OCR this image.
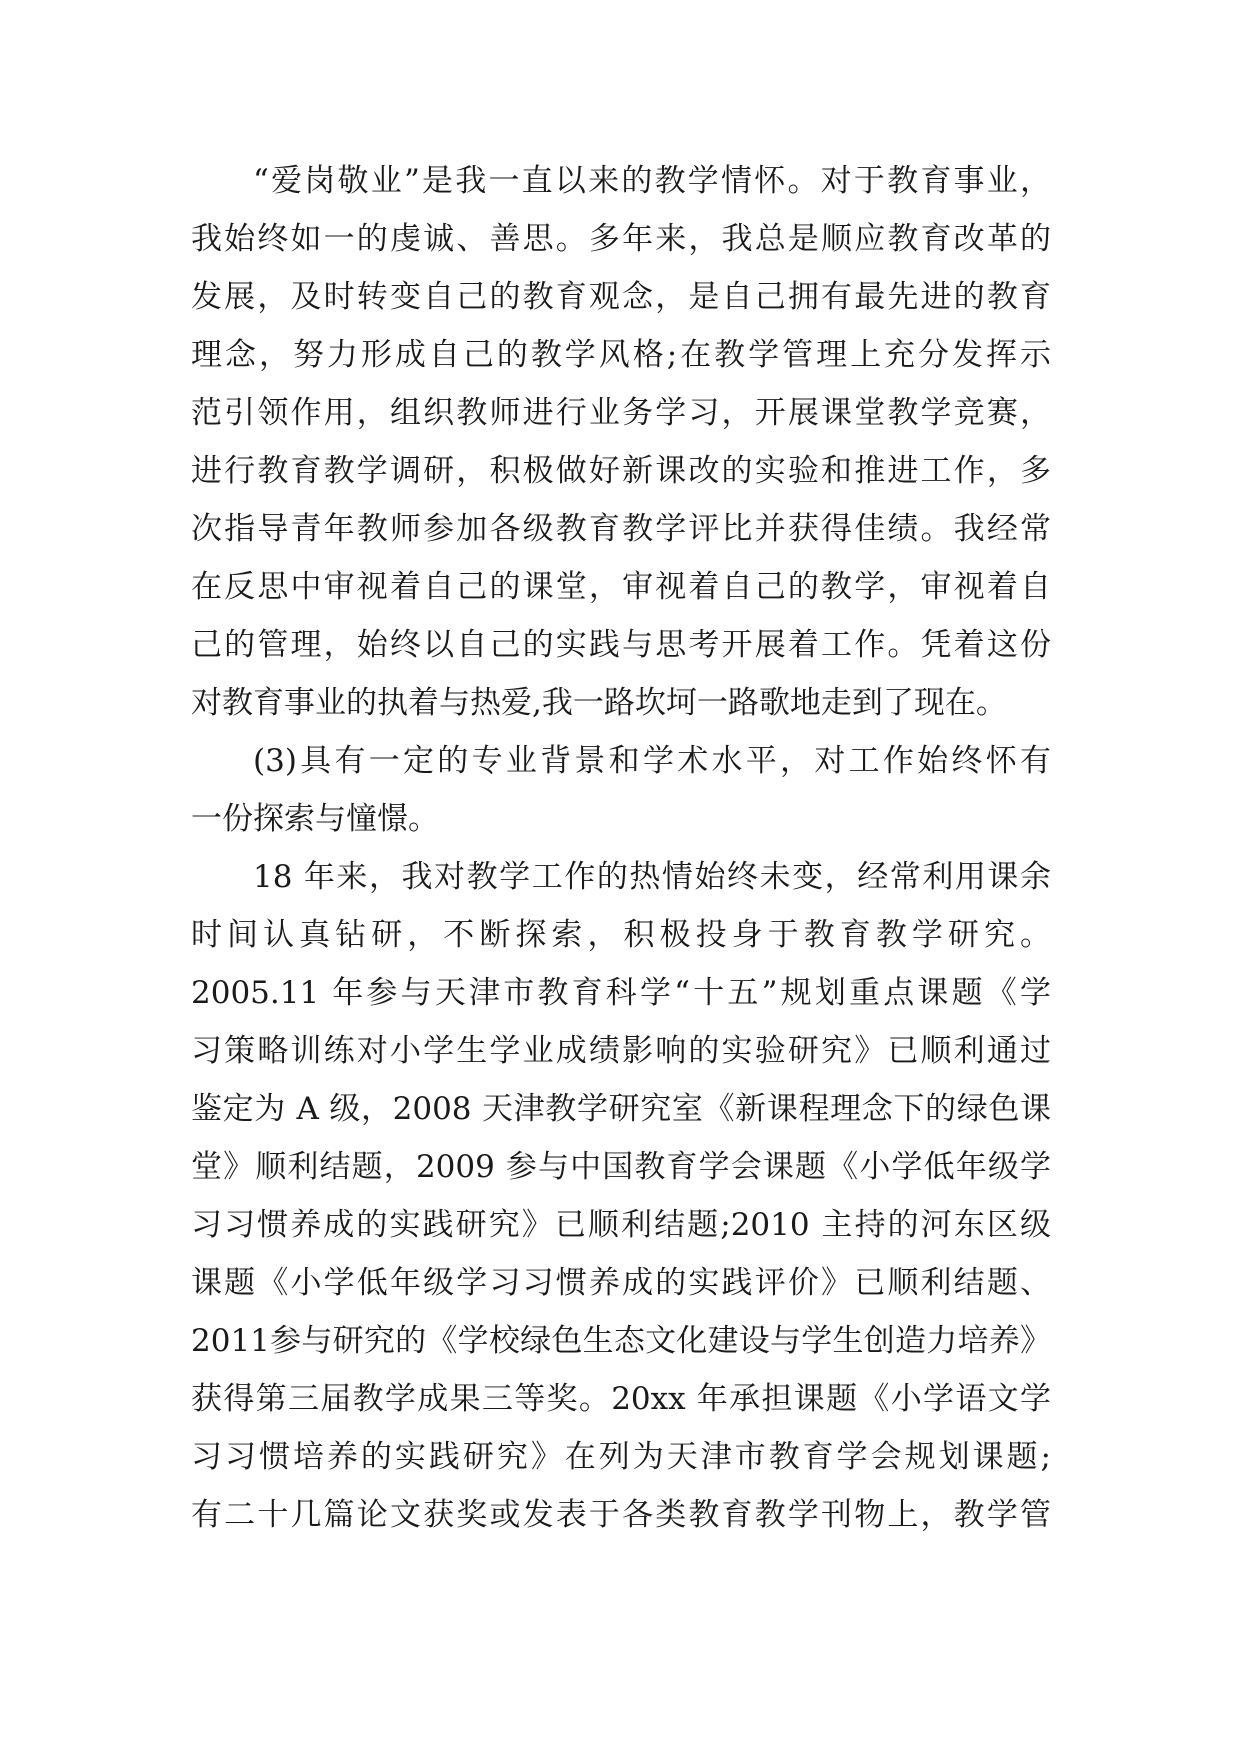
“爱岗敬业”是我一直以来的教学情怀。对于教育事业，
我始终如一的虔诚、善思。多年来，我总是顺应教育改革的
发展，及时转变自己的教育观念，是自己拥有最先进的教育
理念，努力形成自己的教学风格;在教学管理上充分发挥示
范引领作用，组织教师进行业务学习，开展课堂教学竞赛，
进行教育教学调研，积极做好新课改的实验和推进工作，多
次指导青年教师参加各级教育教学评比并获得佳绩。我经常
在反思中审视着自己的课堂，审视着自己的教学，审视着自
己的管理，始终以自己的实践与思考开展着工作。凭着这份
对教育事业的执着与热爱,我一路坎坷一路歌地走到了现在。
(3)具有一定的专业背景和学术水平，对工作始终怀有
一份探索与憧憬。
18 年来，我对教学工作的热情始终未变，经常利用课余
时间认真钻研，不断探索，积极投身于教育教学研究。
2005.11 年参与天津市教育科学“十五”规划重点课题《学
习策略训练对小学生学业成绩影响的实验研究》已顺利通过
鉴定为 A 级，2008 天津教学研究室《新课程理念下的绿色课
堂》顺利结题，2009 参与中国教育学会课题《小学低年级学
习习惯养成的实践研究》已顺利结题;2010 主持的河东区级
课题《小学低年级学习习惯养成的实践评价》已顺利结题、
2011参与研究的《学校绿色生态文化建设与学生创造力培养》
获得第三届教学成果三等奖。20xx 年承担课题《小学语文学
习习惯培养的实践研究》在列为天津市教育学会规划课题;
有二十几篇论文获奖或发表于各类教育教学刊物上，教学管
